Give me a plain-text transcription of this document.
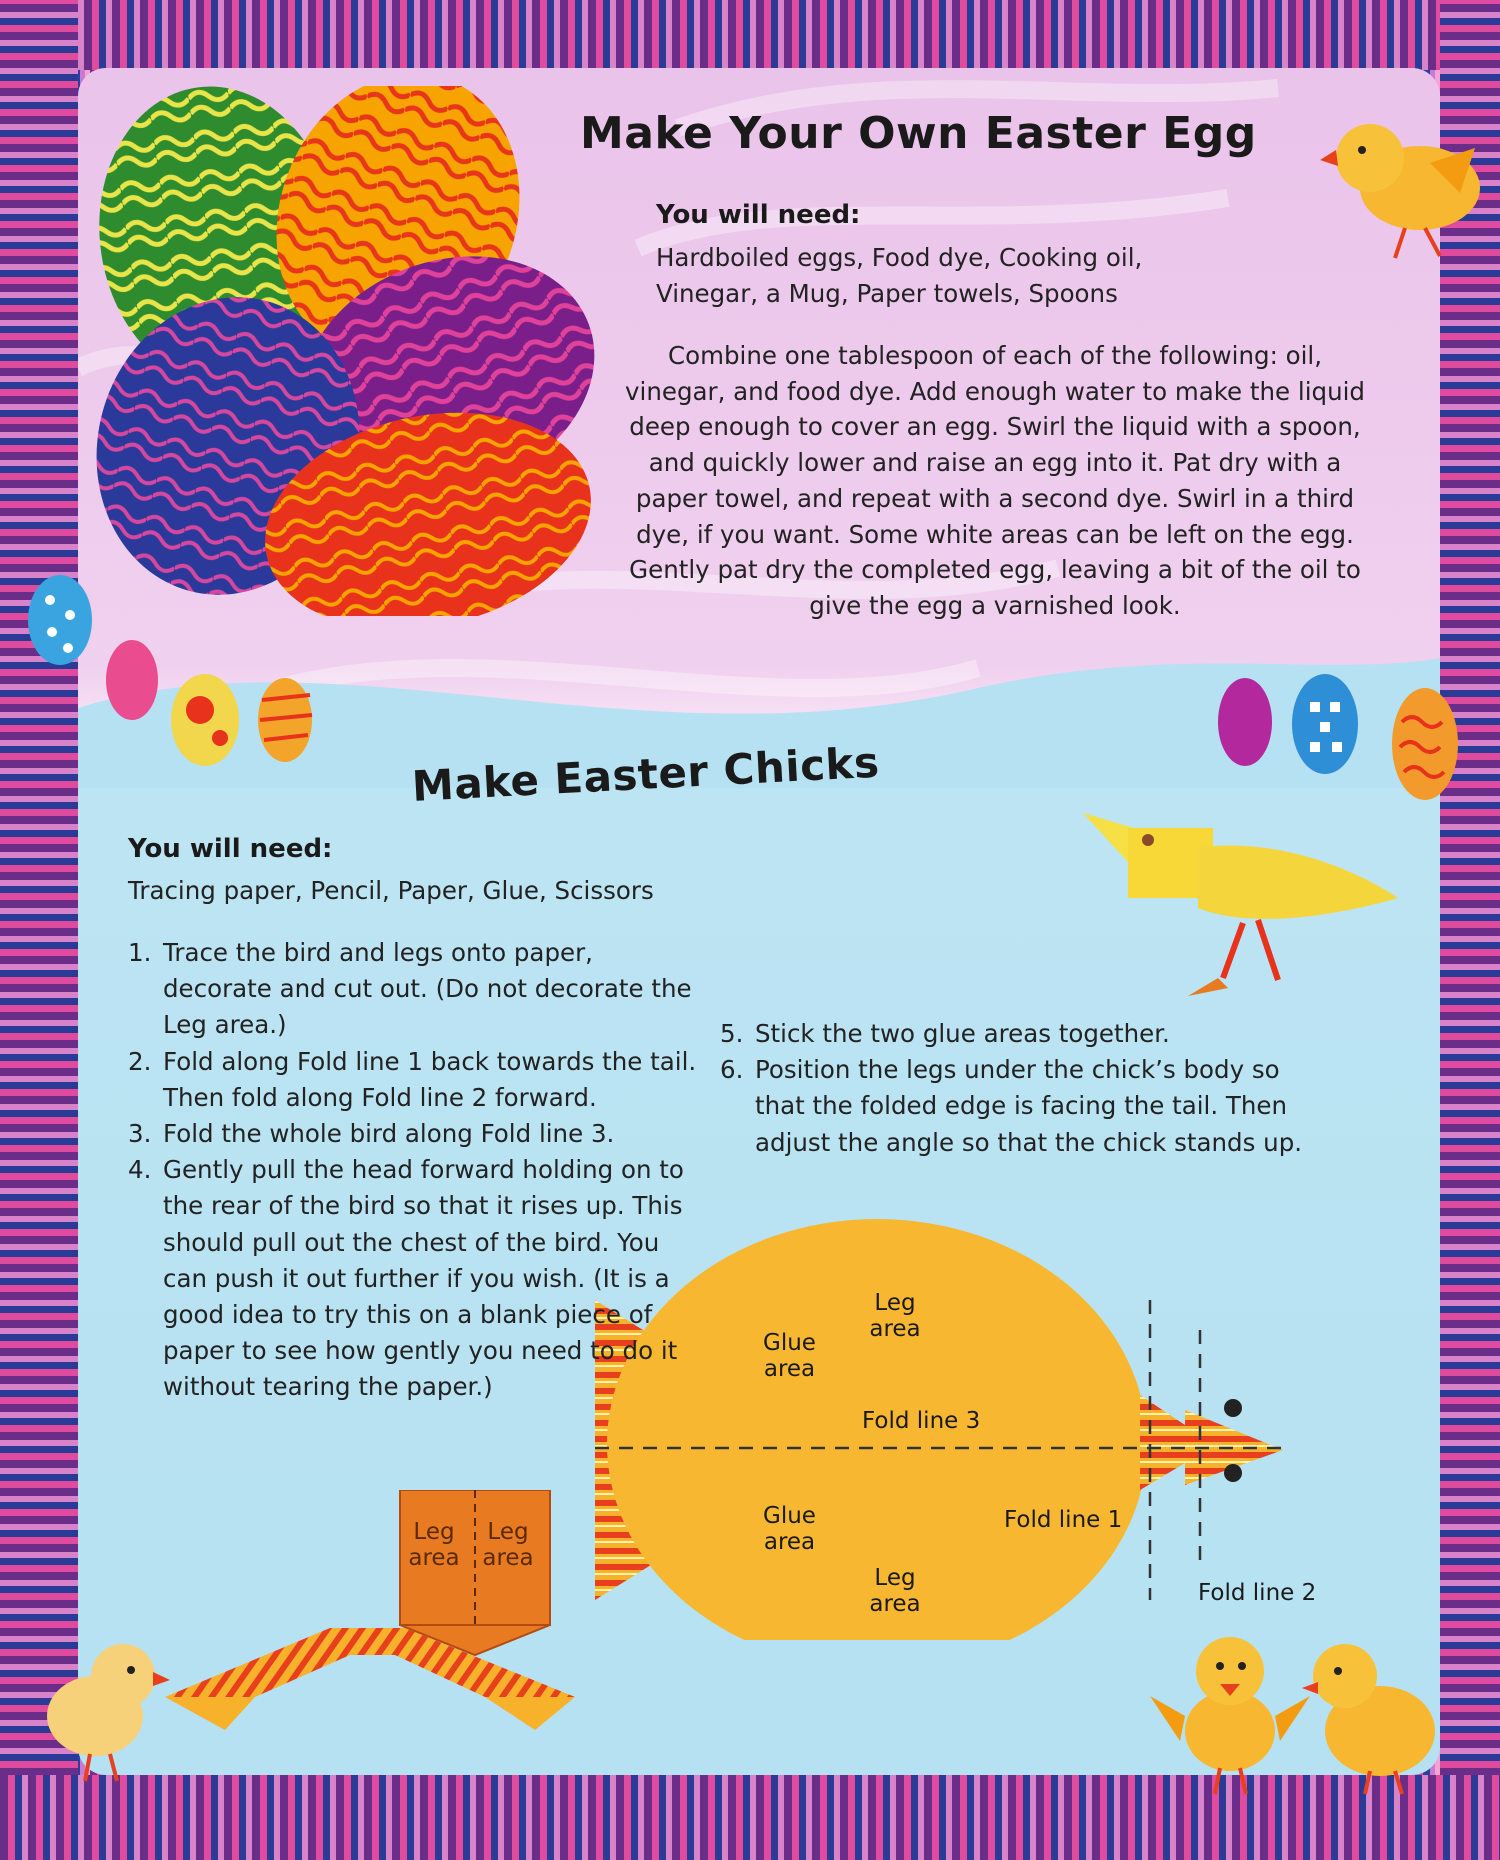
Make Your Own Easter Egg

You will need:

Hardboiled eggs, Food dye, Cooking oil, Vinegar, a Mug, Paper towels, Spoons

Combine one tablespoon of each of the following: oil, vinegar, and food dye. Add enough water to make the liquid deep enough to cover an egg. Swirl the liquid with a spoon, and quickly lower and raise an egg into it. Pat dry with a paper towel, and repeat with a second dye. Swirl in a third dye, if you want. Some white areas can be left on the egg. Gently pat dry the completed egg, leaving a bit of the oil to give the egg a varnished look.

Make Easter Chicks

You will need:

Tracing paper, Pencil, Paper, Glue, Scissors

1. Trace the bird and legs onto paper, decorate and cut out. (Do not decorate the Leg area.)
2. Fold along Fold line 1 back towards the tail. Then fold along Fold line 2 forward.
3. Fold the whole bird along Fold line 3.
4. Gently pull the head forward holding on to the rear of the bird so that it rises up. This should pull out the chest of the bird. You can push it out further if you wish. (It is a good idea to try this on a blank piece of paper to see how gently you need to do it without tearing the paper.)
5. Stick the two glue areas together.
6. Position the legs under the chick’s body so that the folded edge is facing the tail. Then adjust the angle so that the chick stands up.

Leg area

Glue area

Fold line 3

Glue area

Fold line 1

Leg area	Fold line 2

Leg area

Leg area
